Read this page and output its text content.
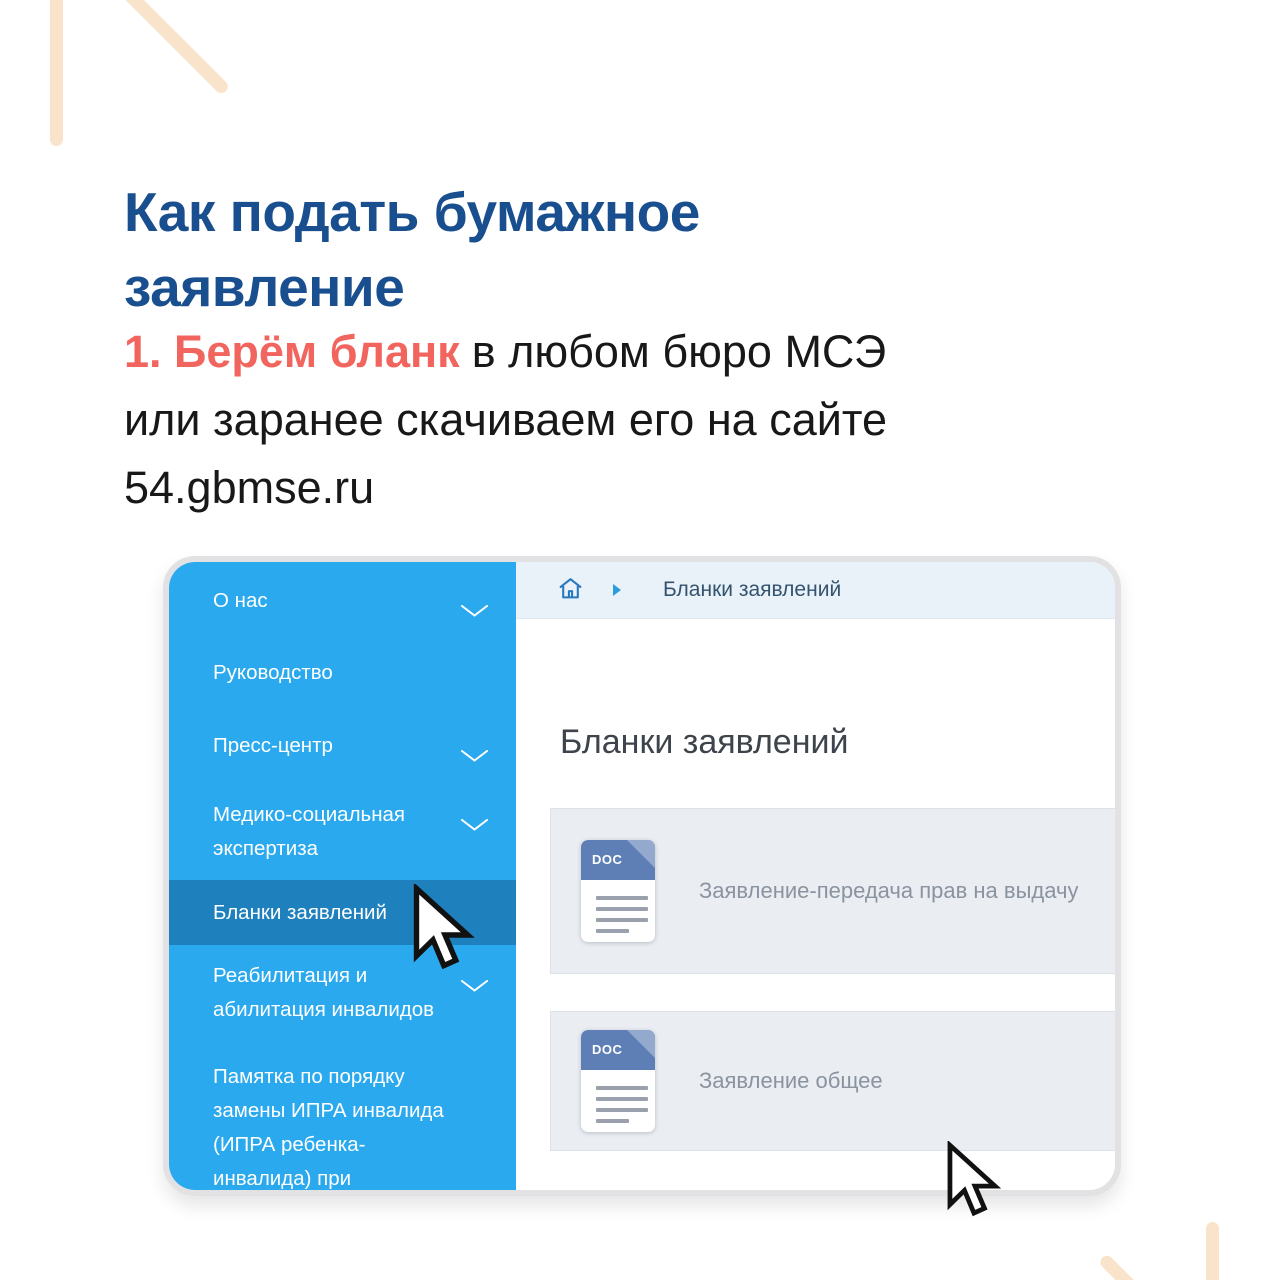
Как подать бумажное
заявление
1. Берём бланк в любом бюро МСЭ
или заранее скачиваем его на сайте
54.gbmse.ru
О нас
Руководство
Пресс-центр
Медико-социальная экспертиза
Бланки заявлений
Реабилитация и абилитация инвалидов
Памятка по порядку замены ИПРА инвалида (ИПРА ребенка-инвалида) при
Бланки заявлений
Бланки заявлений
DOC
Заявление-передача прав на выдачу
DOC
Заявление общее
